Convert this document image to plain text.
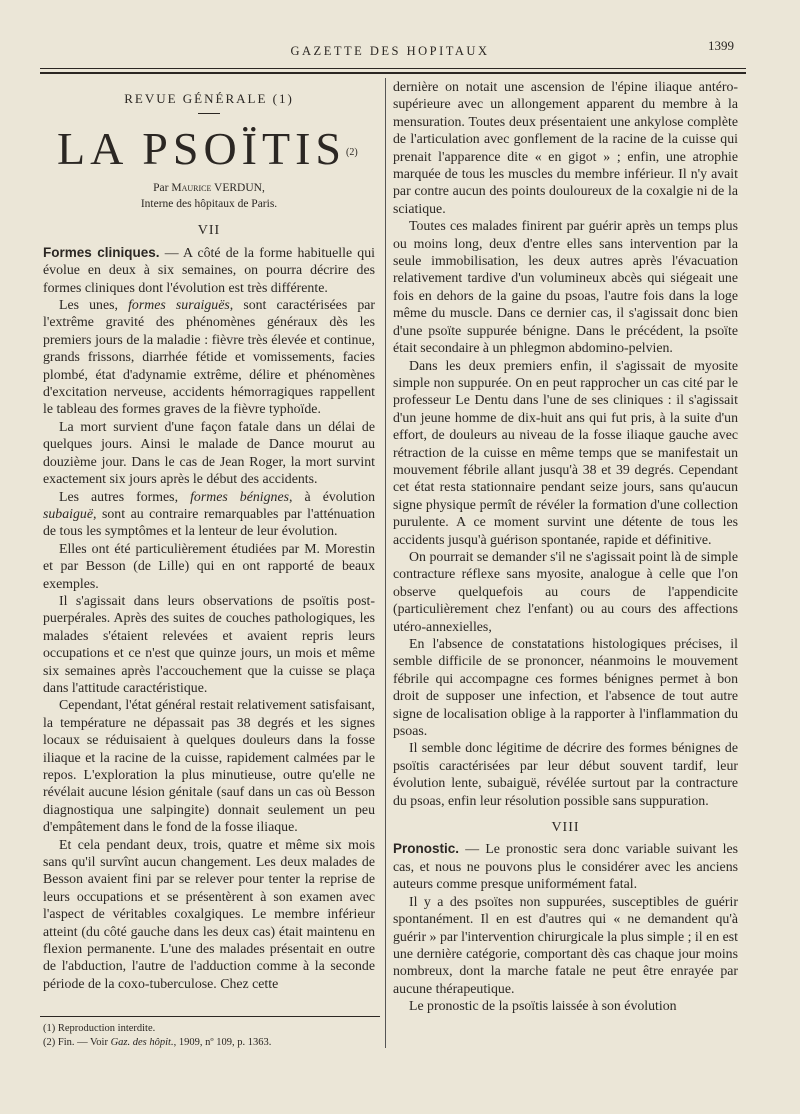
GAZETTE DES HOPITAUX	1399
REVUE GÉNÉRALE (1)
LA PSOÏTIS$^{(2)}$
Par Maurice VERDUN,
Interne des hôpitaux de Paris.
VII

Formes cliniques. — A côté de la forme habituelle qui évolue en deux à six semaines, on pourra décrire des formes cliniques dont l'évolution est très différente.

Les unes, formes suraiguës, sont caractérisées par l'extrême gravité des phénomènes généraux dès les premiers jours de la maladie : fièvre très élevée et continue, grands frissons, diarrhée fétide et vomissements, facies plombé, état d'adynamie extrême, délire et phénomènes d'excitation nerveuse, accidents hémorragiques rappellent le tableau des formes graves de la fièvre typhoïde.

La mort survient d'une façon fatale dans un délai de quelques jours. Ainsi le malade de Dance mourut au douzième jour. Dans le cas de Jean Roger, la mort survint exactement six jours après le début des accidents.

Les autres formes, formes bénignes, à évolution subaiguë, sont au contraire remarquables par l'atténuation de tous les symptômes et la lenteur de leur évolution.

Elles ont été particulièrement étudiées par M. Morestin et par Besson (de Lille) qui en ont rapporté de beaux exemples.

Il s'agissait dans leurs observations de psoïtis post-puerpérales. Après des suites de couches pathologiques, les malades s'étaient relevées et avaient repris leurs occupations et ce n'est que quinze jours, un mois et même six semaines après l'accouchement que la cuisse se plaça dans l'attitude caractéristique.

Cependant, l'état général restait relativement satisfaisant, la température ne dépassait pas 38 degrés et les signes locaux se réduisaient à quelques douleurs dans la fosse iliaque et la racine de la cuisse, rapidement calmées par le repos. L'exploration la plus minutieuse, outre qu'elle ne révélait aucune lésion génitale (sauf dans un cas où Besson diagnostiqua une salpingite) donnait seulement un peu d'empâtement dans le fond de la fosse iliaque.

Et cela pendant deux, trois, quatre et même six mois sans qu'il survînt aucun changement. Les deux malades de Besson avaient fini par se relever pour tenter la reprise de leurs occupations et se présentèrent à son examen avec l'aspect de véritables coxalgiques. Le membre inférieur atteint (du côté gauche dans les deux cas) était maintenu en flexion permanente. L'une des malades présentait en outre de l'abduction, l'autre de l'adduction comme à la seconde période de la coxo-tuberculose. Chez cette

dernière on notait une ascension de l'épine iliaque antéro-supérieure avec un allongement apparent du membre à la mensuration. Toutes deux présentaient une ankylose complète de l'articulation avec gonflement de la racine de la cuisse qui prenait l'apparence dite « en gigot » ; enfin, une atrophie marquée de tous les muscles du membre inférieur. Il n'y avait par contre aucun des points douloureux de la coxalgie ni de la sciatique.

Toutes ces malades finirent par guérir après un temps plus ou moins long, deux d'entre elles sans intervention par la seule immobilisation, les deux autres après l'évacuation relativement tardive d'un volumineux abcès qui siégeait une fois en dehors de la gaine du psoas, l'autre fois dans la loge même du muscle. Dans ce dernier cas, il s'agissait donc bien d'une psoïte suppurée bénigne. Dans le précédent, la psoïte était secondaire à un phlegmon abdomino-pelvien.

Dans les deux premiers enfin, il s'agissait de myosite simple non suppurée. On en peut rapprocher un cas cité par le professeur Le Dentu dans l'une de ses cliniques : il s'agissait d'un jeune homme de dix-huit ans qui fut pris, à la suite d'un effort, de douleurs au niveau de la fosse iliaque gauche avec rétraction de la cuisse en même temps que se manifestait un mouvement fébrile allant jusqu'à 38 et 39 degrés. Cependant cet état resta stationnaire pendant seize jours, sans qu'aucun signe physique permît de révéler la formation d'une collection purulente. A ce moment survint une détente de tous les accidents jusqu'à guérison spontanée, rapide et définitive.

On pourrait se demander s'il ne s'agissait point là de simple contracture réflexe sans myosite, analogue à celle que l'on observe quelquefois au cours de l'appendicite (particulièrement chez l'enfant) ou au cours des affections utéro-annexielles,

En l'absence de constatations histologiques précises, il semble difficile de se prononcer, néanmoins le mouvement fébrile qui accompagne ces formes bénignes permet à bon droit de supposer une infection, et l'absence de tout autre signe de localisation oblige à la rapporter à l'inflammation du psoas.

Il semble donc légitime de décrire des formes bénignes de psoïtis caractérisées par leur début souvent tardif, leur évolution lente, subaiguë, révélée surtout par la contracture du psoas, enfin leur résolution possible sans suppuration.

VIII

Pronostic. — Le pronostic sera donc variable suivant les cas, et nous ne pouvons plus le considérer avec les anciens auteurs comme presque uniformément fatal.

Il y a des psoïtes non suppurées, susceptibles de guérir spontanément. Il en est d'autres qui « ne demandent qu'à guérir » par l'intervention chirurgicale la plus simple ; il en est une dernière catégorie, comportant dès cas chaque jour moins nombreux, dont la marche fatale ne peut être enrayée par aucune thérapeutique.

Le pronostic de la psoïtis laissée à son évolution

(1) Reproduction interdite.
(2) Fin. — Voir Gaz. des hôpit., 1909, nº 109, p. 1363.
